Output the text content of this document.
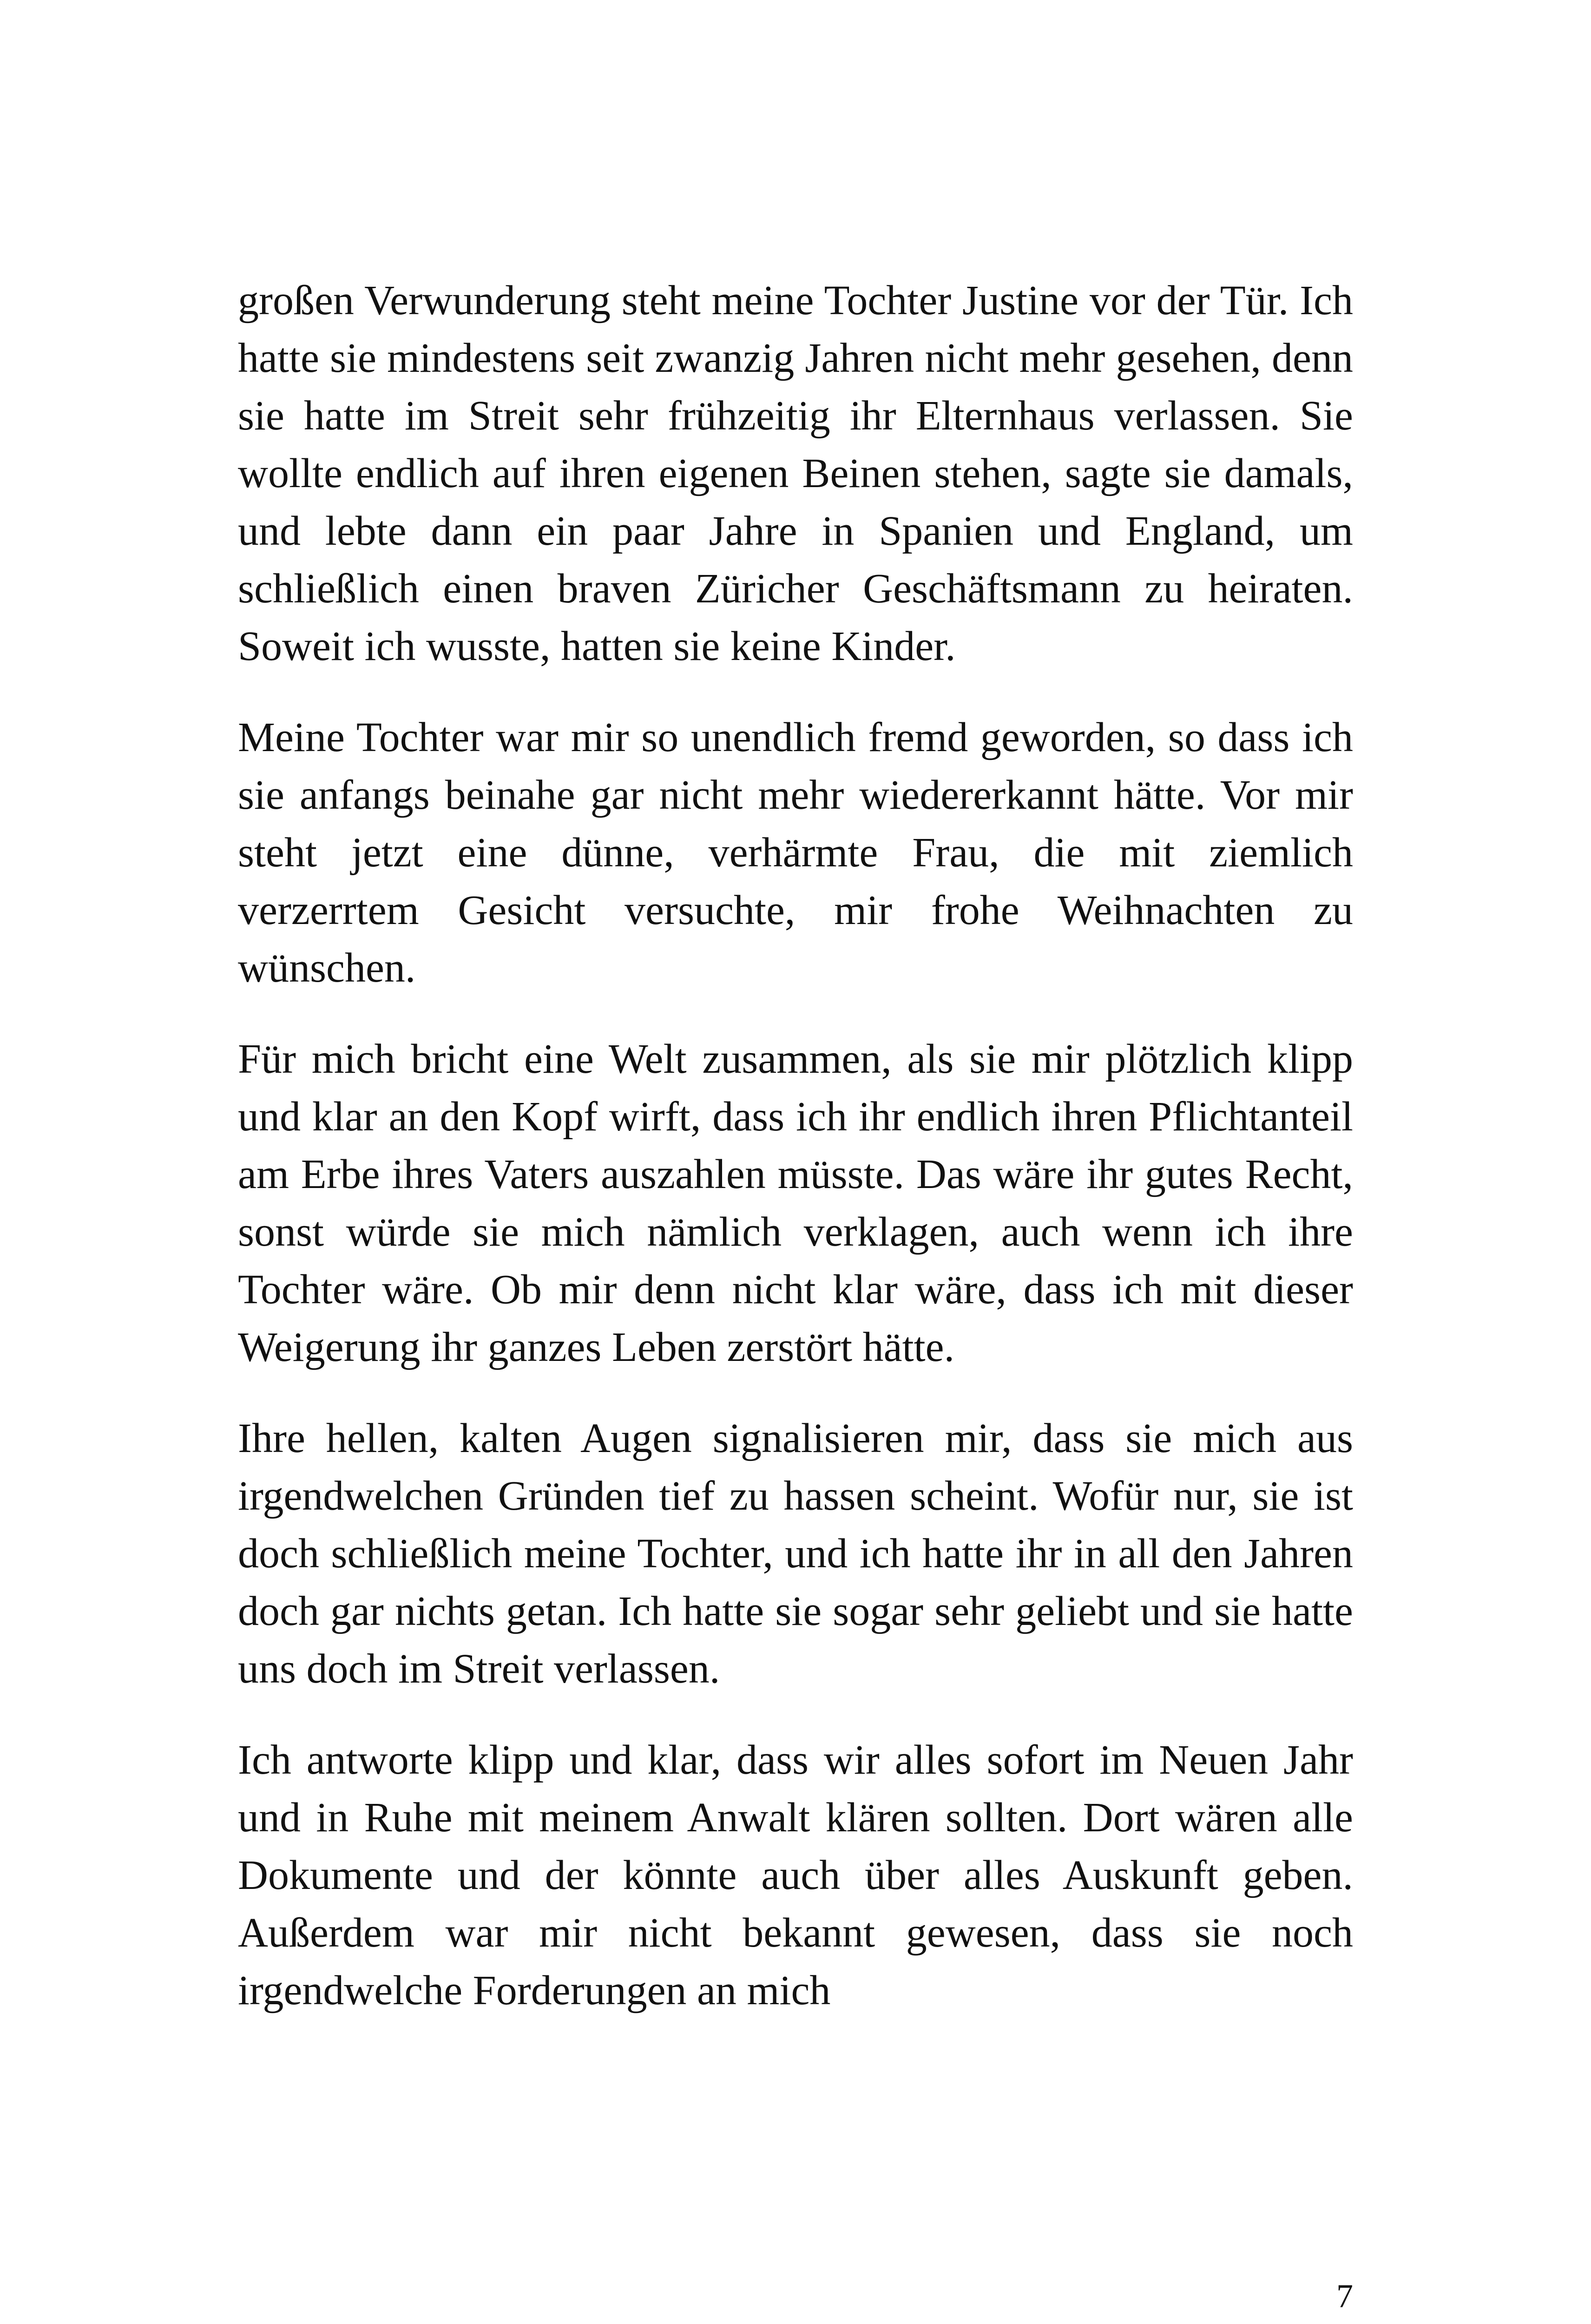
großen Verwunderung steht meine Tochter Justine vor der Tür. Ich hatte sie mindestens seit zwanzig Jahren nicht mehr gesehen, denn sie hatte im Streit sehr frühzeitig ihr Elternhaus verlassen. Sie wollte endlich auf ihren eigenen Beinen stehen, sagte sie damals, und lebte dann ein paar Jahre in Spanien und England, um schließlich einen braven Züricher Geschäftsmann zu heiraten. Soweit ich wusste, hatten sie keine Kinder.

Meine Tochter war mir so unendlich fremd geworden, so dass ich sie anfangs beinahe gar nicht mehr wiedererkannt hätte. Vor mir steht jetzt eine dünne, verhärmte Frau, die mit ziemlich verzerrtem Gesicht versuchte, mir frohe Weihnachten zu wünschen.

Für mich bricht eine Welt zusammen, als sie mir plötzlich klipp und klar an den Kopf wirft, dass ich ihr endlich ihren Pflichtanteil am Erbe ihres Vaters auszahlen müsste. Das wäre ihr gutes Recht, sonst würde sie mich nämlich verklagen, auch wenn ich ihre Tochter wäre. Ob mir denn nicht klar wäre, dass ich mit dieser Weigerung ihr ganzes Leben zerstört hätte.

Ihre hellen, kalten Augen signalisieren mir, dass sie mich aus irgendwelchen Gründen tief zu hassen scheint. Wofür nur, sie ist doch schließlich meine Tochter, und ich hatte ihr in all den Jahren doch gar nichts getan. Ich hatte sie sogar sehr geliebt und sie hatte uns doch im Streit verlassen.

Ich antworte klipp und klar, dass wir alles sofort im Neuen Jahr und in Ruhe mit meinem Anwalt klären sollten. Dort wären alle Dokumente und der könnte auch über alles Auskunft geben. Außerdem war mir nicht bekannt gewesen, dass sie noch irgendwelche Forderungen an mich

7
